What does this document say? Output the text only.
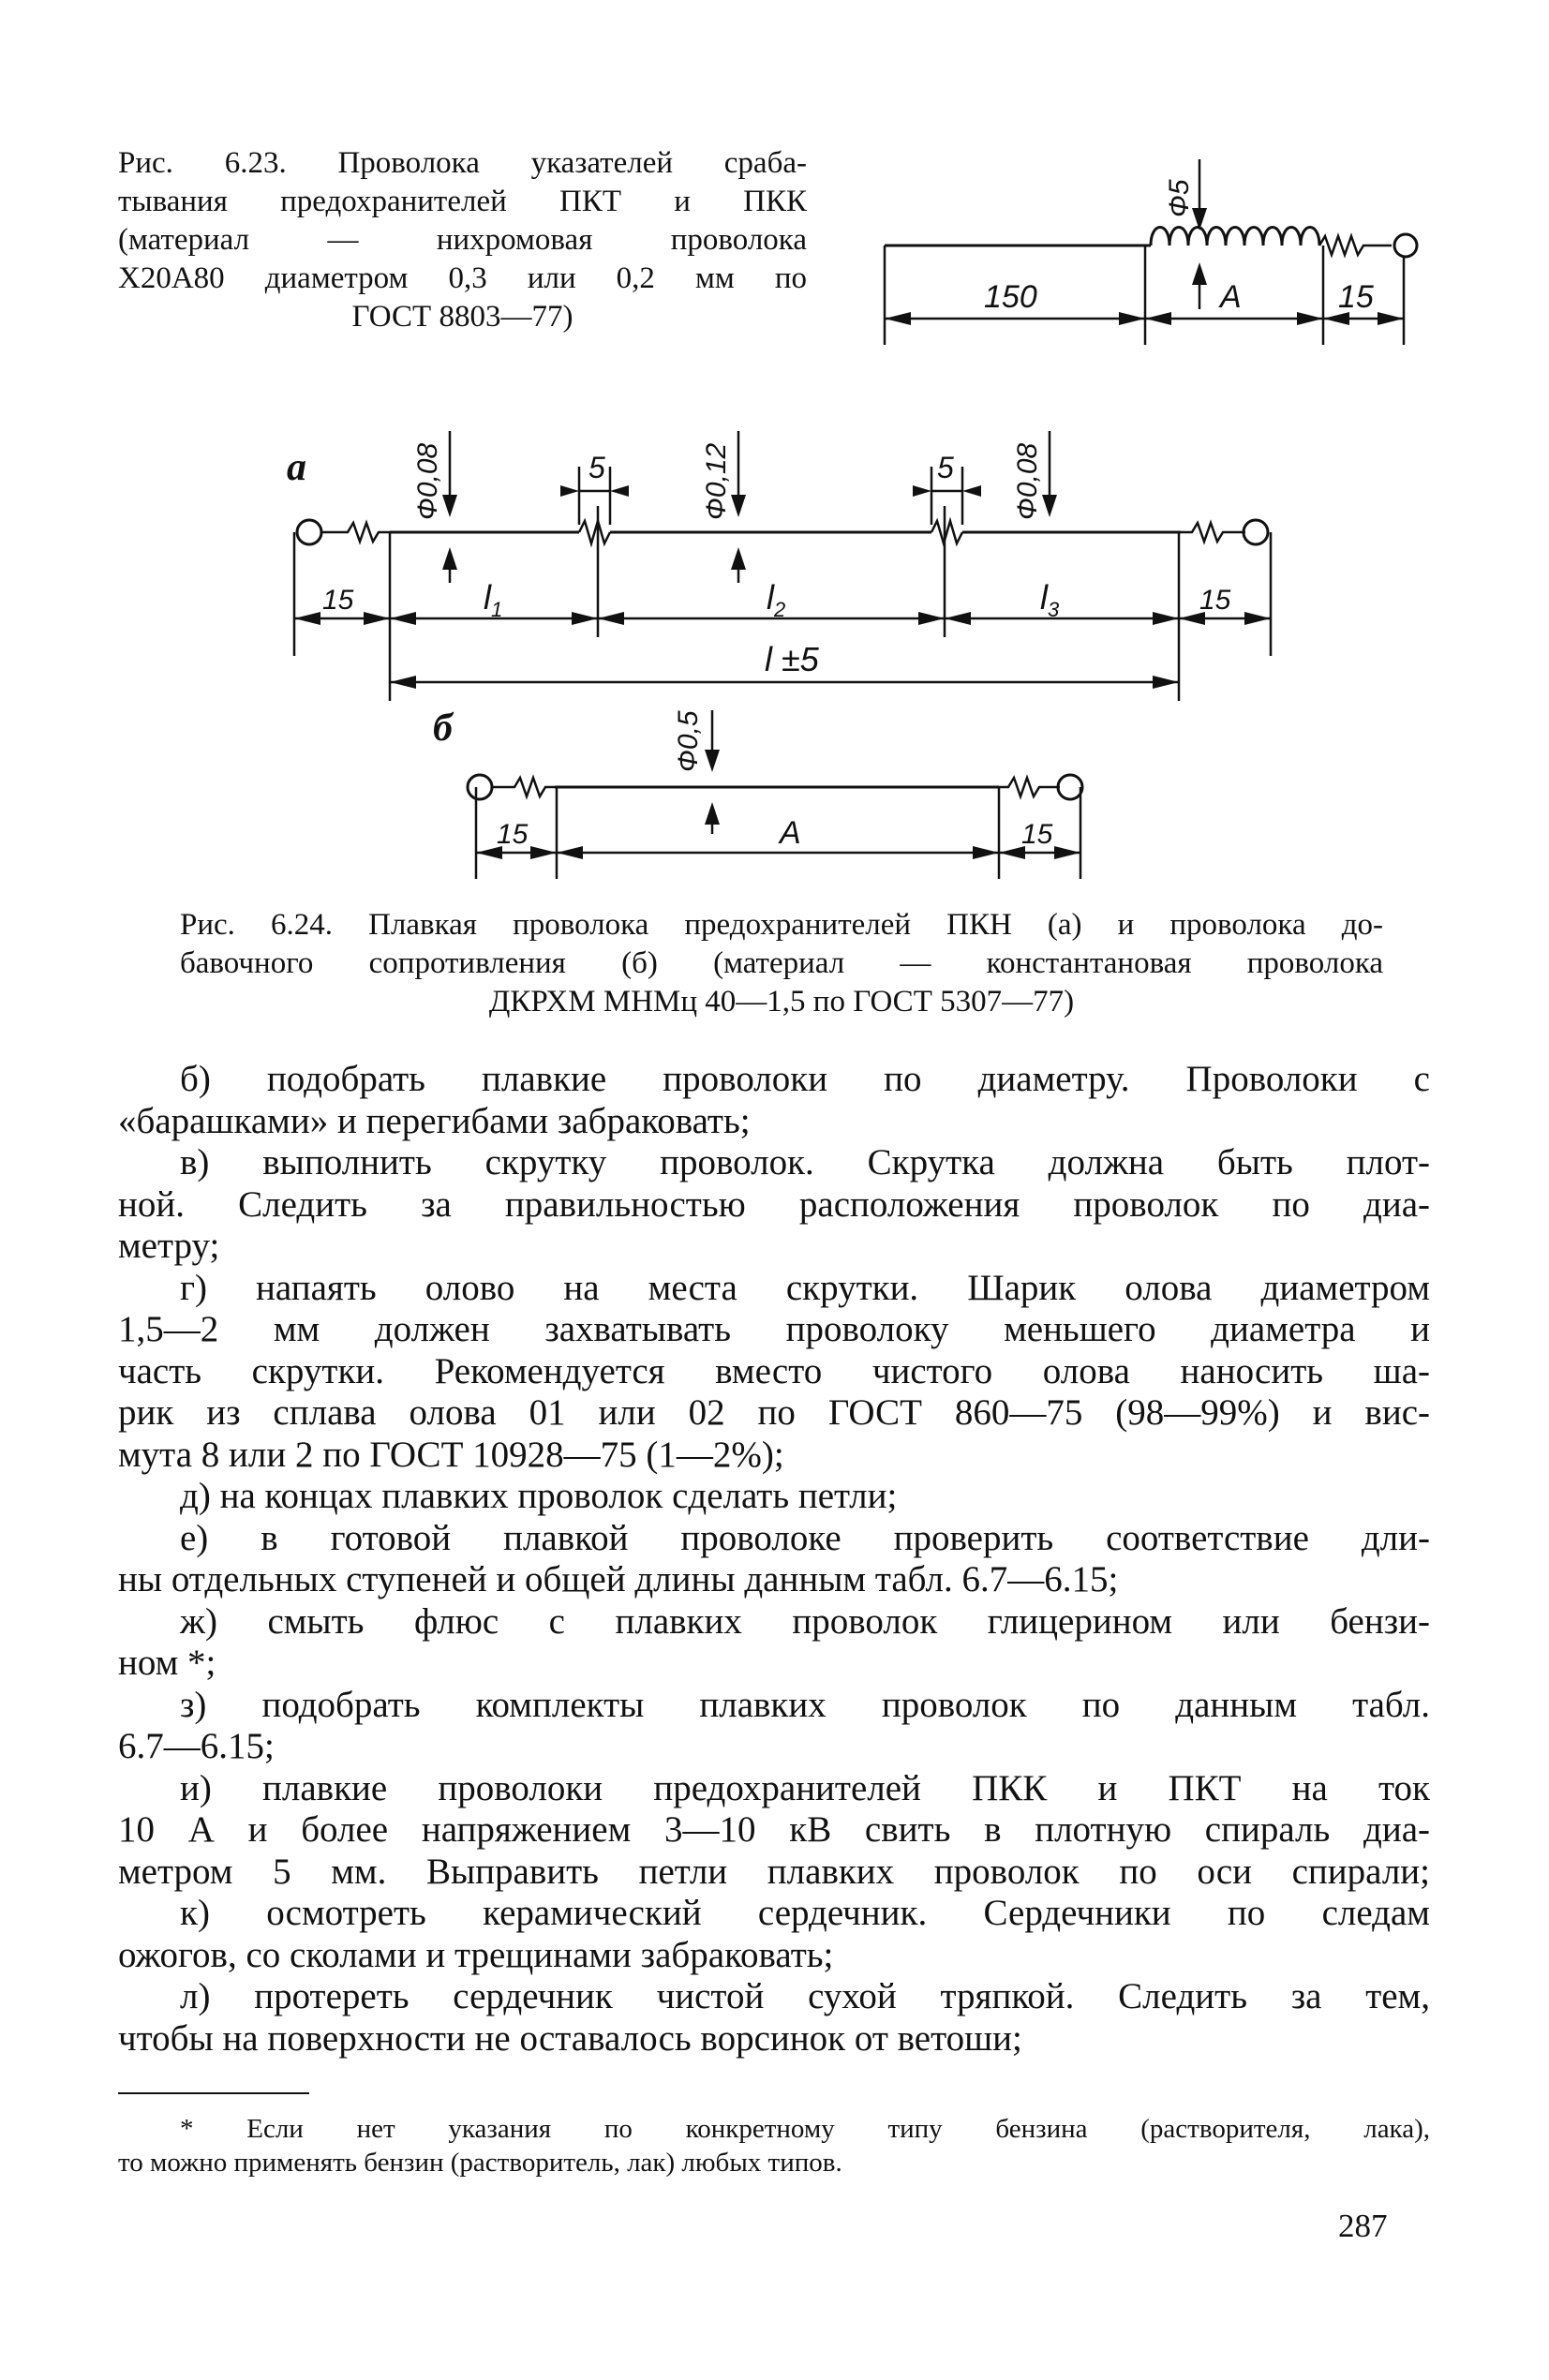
Рис. 6.23. Проволока указателей сраба-
тывания предохранителей ПКТ и ПКК
(материал — нихромовая проволока
Х20А80 диаметром 0,3 или 0,2 мм по
ГОСТ 8803—77)
Ф5
150	A	15
а	Ф0,08	Ф0,12	Ф0,08
5	5
15	15
$l_1$	$l_2$	$l_3$
l ±5
б	Ф0,5
15	A	15
Рис. 6.24. Плавкая проволока предохранителей ПКН (а) и проволока до-
бавочного сопротивления (б) (материал — константановая проволока
ДКРХМ МНМц 40—1,5 по ГОСТ 5307—77)

б) подобрать плавкие проволоки по диаметру. Проволоки с
«барашками» и перегибами забраковать;

в) выполнить скрутку проволок. Скрутка должна быть плот-
ной. Следить за правильностью расположения проволок по диа-
метру;

г) напаять олово на места скрутки. Шарик олова диаметром
1,5—2 мм должен захватывать проволоку меньшего диаметра и
часть скрутки. Рекомендуется вместо чистого олова наносить ша-
рик из сплава олова 01 или 02 по ГОСТ 860—75 (98—99%) и вис-
мута 8 или 2 по ГОСТ 10928—75 (1—2%);

д) на концах плавких проволок сделать петли;

е) в готовой плавкой проволоке проверить соответствие дли-
ны отдельных ступеней и общей длины данным табл. 6.7—6.15;

ж) смыть флюс с плавких проволок глицерином или бензи-
ном *;

з) подобрать комплекты плавких проволок по данным табл.
6.7—6.15;

и) плавкие проволоки предохранителей ПКК и ПКТ на ток
10 А и более напряжением 3—10 кВ свить в плотную спираль диа-
метром 5 мм. Выправить петли плавких проволок по оси спирали;

к) осмотреть керамический сердечник. Сердечники по следам
ожогов, со сколами и трещинами забраковать;

л) протереть сердечник чистой сухой тряпкой. Следить за тем,
чтобы на поверхности не оставалось ворсинок от ветоши;

* Если нет указания по конкретному типу бензина (растворителя, лака),
то можно применять бензин (растворитель, лак) любых типов.
287
